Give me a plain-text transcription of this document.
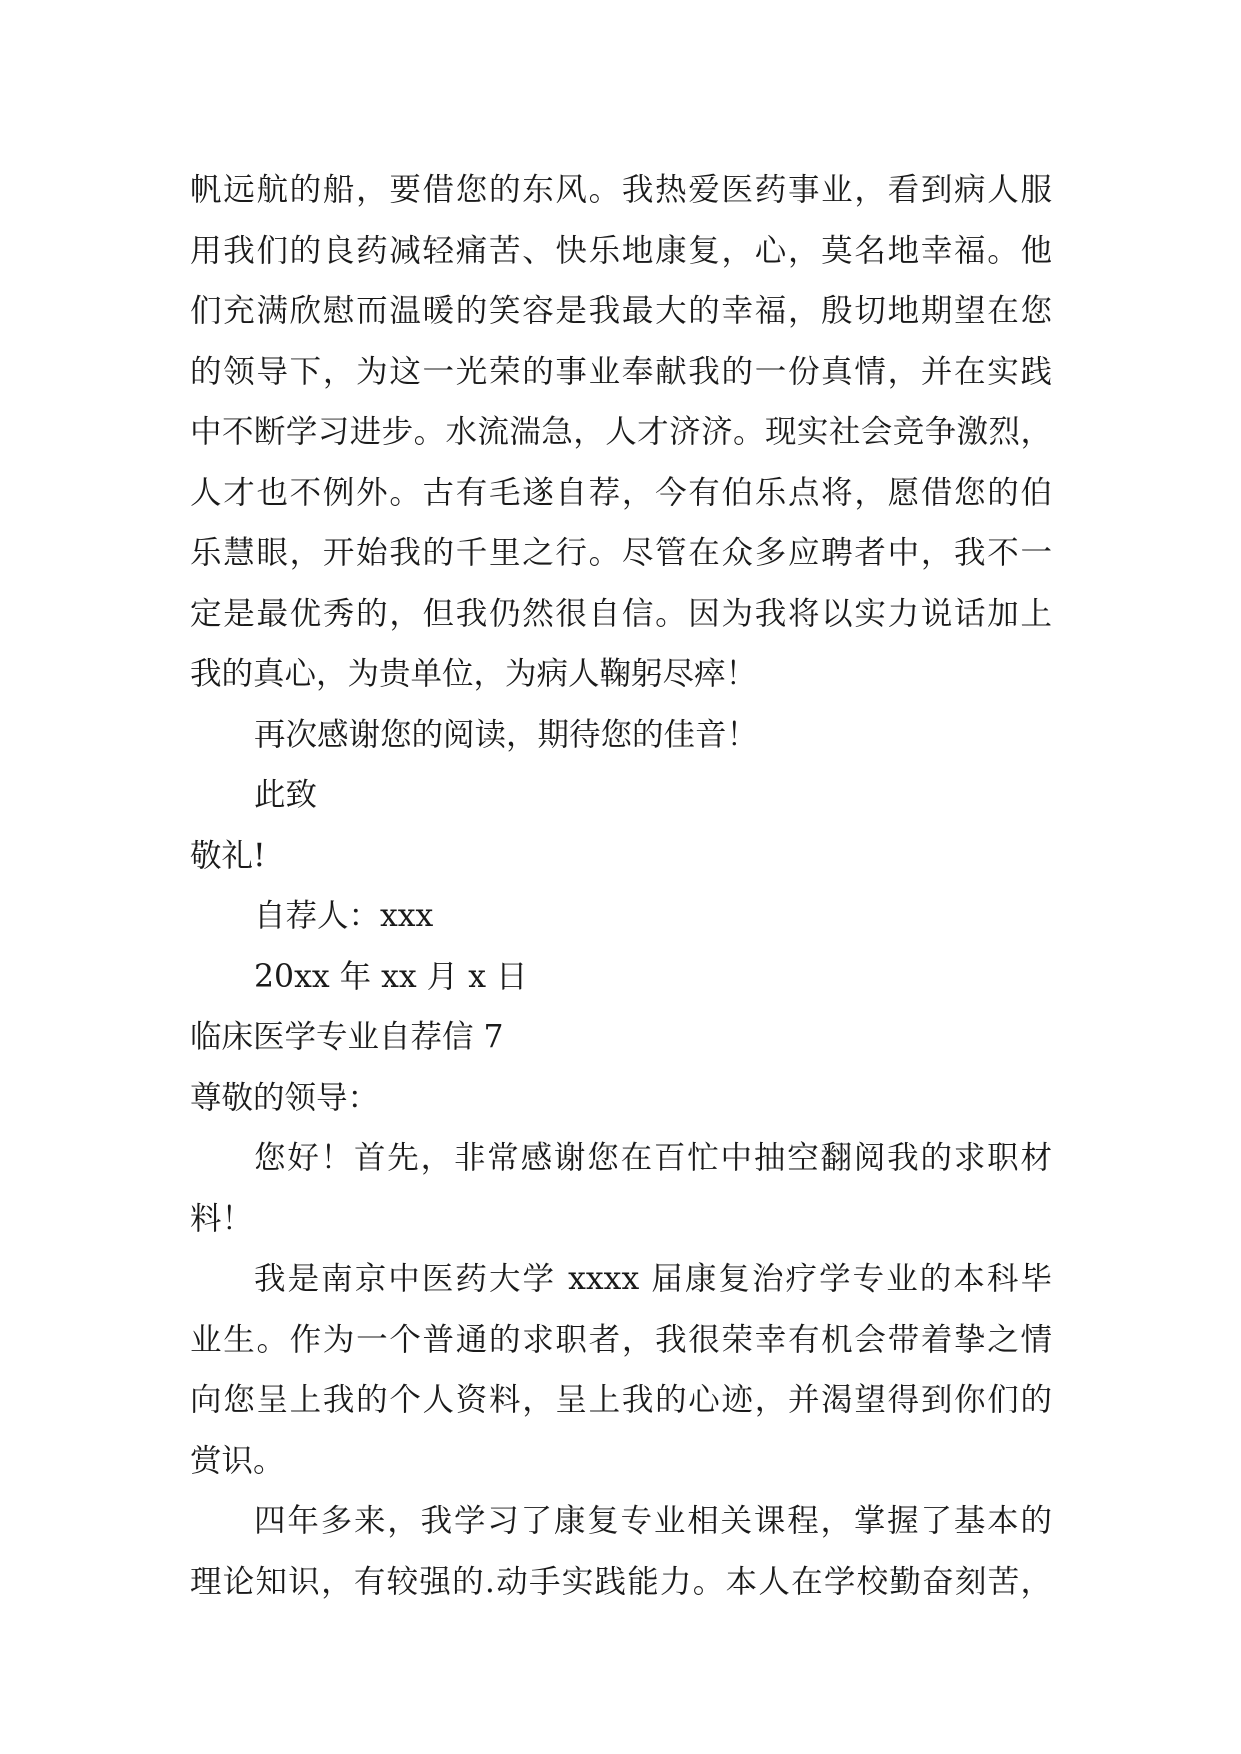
帆远航的船，要借您的东风。我热爱医药事业，看到病人服
用我们的良药减轻痛苦、快乐地康复，心，莫名地幸福。他
们充满欣慰而温暖的笑容是我最大的幸福，殷切地期望在您
的领导下，为这一光荣的事业奉献我的一份真情，并在实践
中不断学习进步。水流湍急，人才济济。现实社会竞争激烈，
人才也不例外。古有毛遂自荐，今有伯乐点将，愿借您的伯
乐慧眼，开始我的千里之行。尽管在众多应聘者中，我不一
定是最优秀的，但我仍然很自信。因为我将以实力说话加上
我的真心，为贵单位，为病人鞠躬尽瘁！
再次感谢您的阅读，期待您的佳音！
此致
敬礼!
自荐人：xxx
20xx 年 xx 月 x 日
临床医学专业自荐信 7
尊敬的领导：
您好！首先，非常感谢您在百忙中抽空翻阅我的求职材
料！
我是南京中医药大学 xxxx 届康复治疗学专业的本科毕
业生。作为一个普通的求职者，我很荣幸有机会带着挚之情
向您呈上我的个人资料，呈上我的心迹，并渴望得到你们的
赏识。
四年多来，我学习了康复专业相关课程，掌握了基本的
理论知识，有较强的.动手实践能力。本人在学校勤奋刻苦，
